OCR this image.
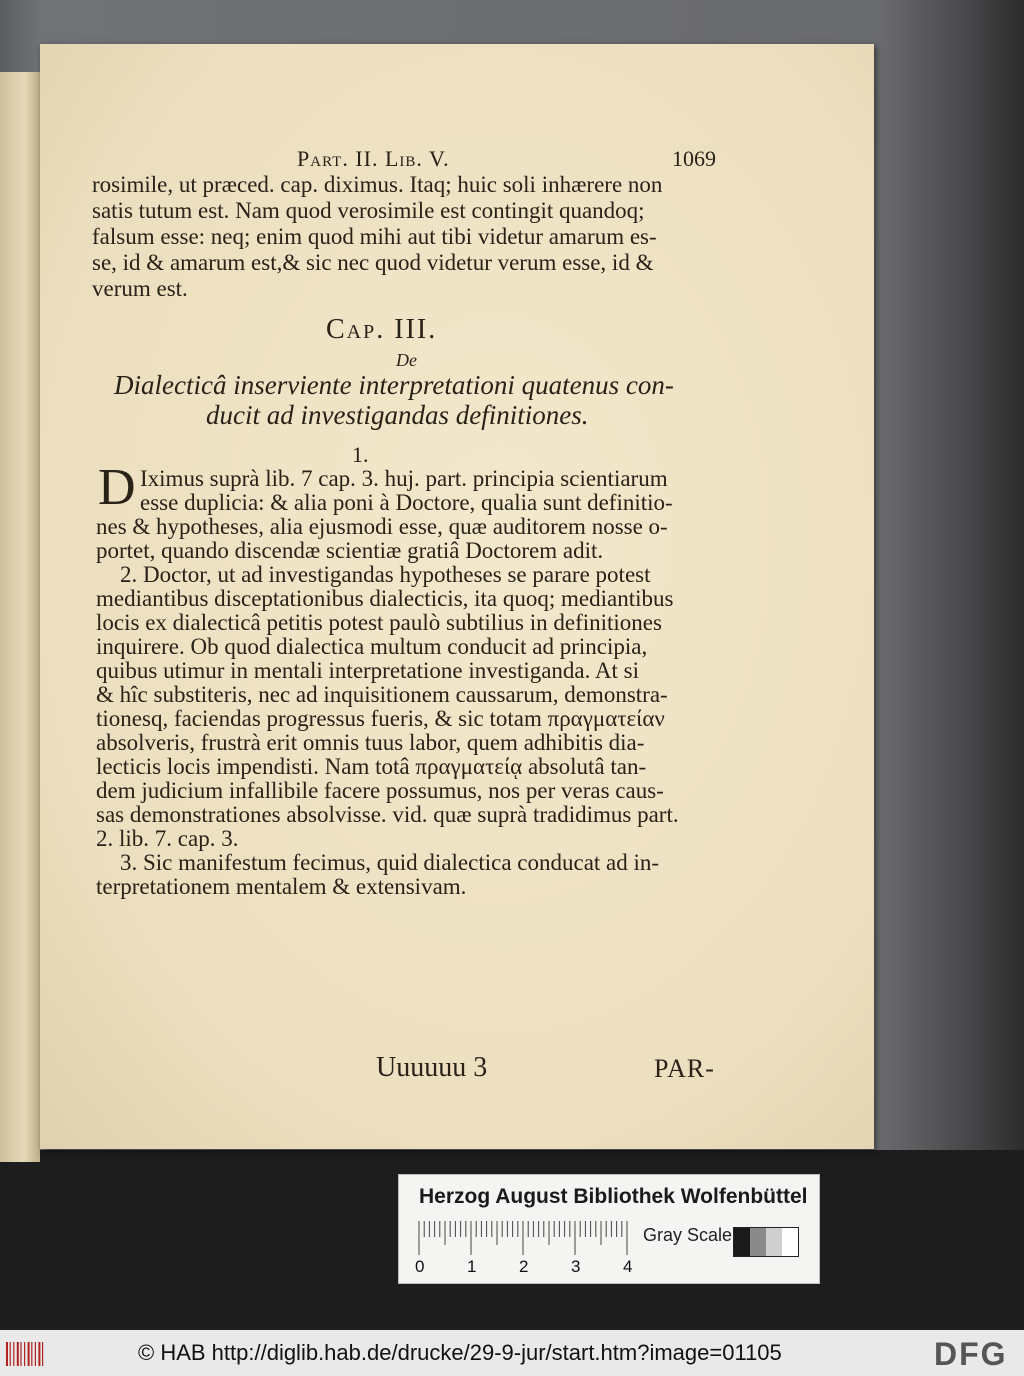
Part. II. Lib. V.	1069
rosimile, ut præced. cap. diximus. Itaq; huic soli inhærere non
satis tutum est. Nam quod verosimile est contingit quandoq;
falsum esse: neq; enim quod mihi aut tibi videtur amarum es-
se, id & amarum est,& sic nec quod videtur verum esse, id &
verum est.
Cap. III.
De
Dialecticâ inserviente interpretationi quatenus con-
ducit ad investigandas definitiones.
1.
D Iximus suprà lib. 7 cap. 3. huj. part. principia scientiarum
esse duplicia: & alia poni à Doctore, qualia sunt definitio-
nes & hypotheses, alia ejusmodi esse, quæ auditorem nosse o-
portet, quando discendæ scientiæ gratiâ Doctorem adit.
2. Doctor, ut ad investigandas hypotheses se parare potest
mediantibus disceptationibus dialecticis, ita quoq; mediantibus
locis ex dialecticâ petitis potest paulò subtilius in definitiones
inquirere. Ob quod dialectica multum conducit ad principia,
quibus utimur in mentali interpretatione investiganda. At si
& hîc substiteris, nec ad inquisitionem caussarum, demonstra-
tionesq, faciendas progressus fueris, & sic totam πραγματείαν
absolveris, frustrà erit omnis tuus labor, quem adhibitis dia-
lecticis locis impendisti. Nam totâ πραγματείᾳ absolutâ tan-
dem judicium infallibile facere possumus, nos per veras caus-
sas demonstrationes absolvisse. vid. quæ suprà tradidimus part.
2. lib. 7. cap. 3.
3. Sic manifestum fecimus, quid dialectica conducat ad in-
terpretationem mentalem & extensivam.
Uuuuuu 3	PAR-
Herzog August Bibliothek Wolfenbüttel
0	1	2	3	4
Gray Scale
© HAB http://diglib.hab.de/drucke/29-9-jur/start.htm?image=01105	DFG
